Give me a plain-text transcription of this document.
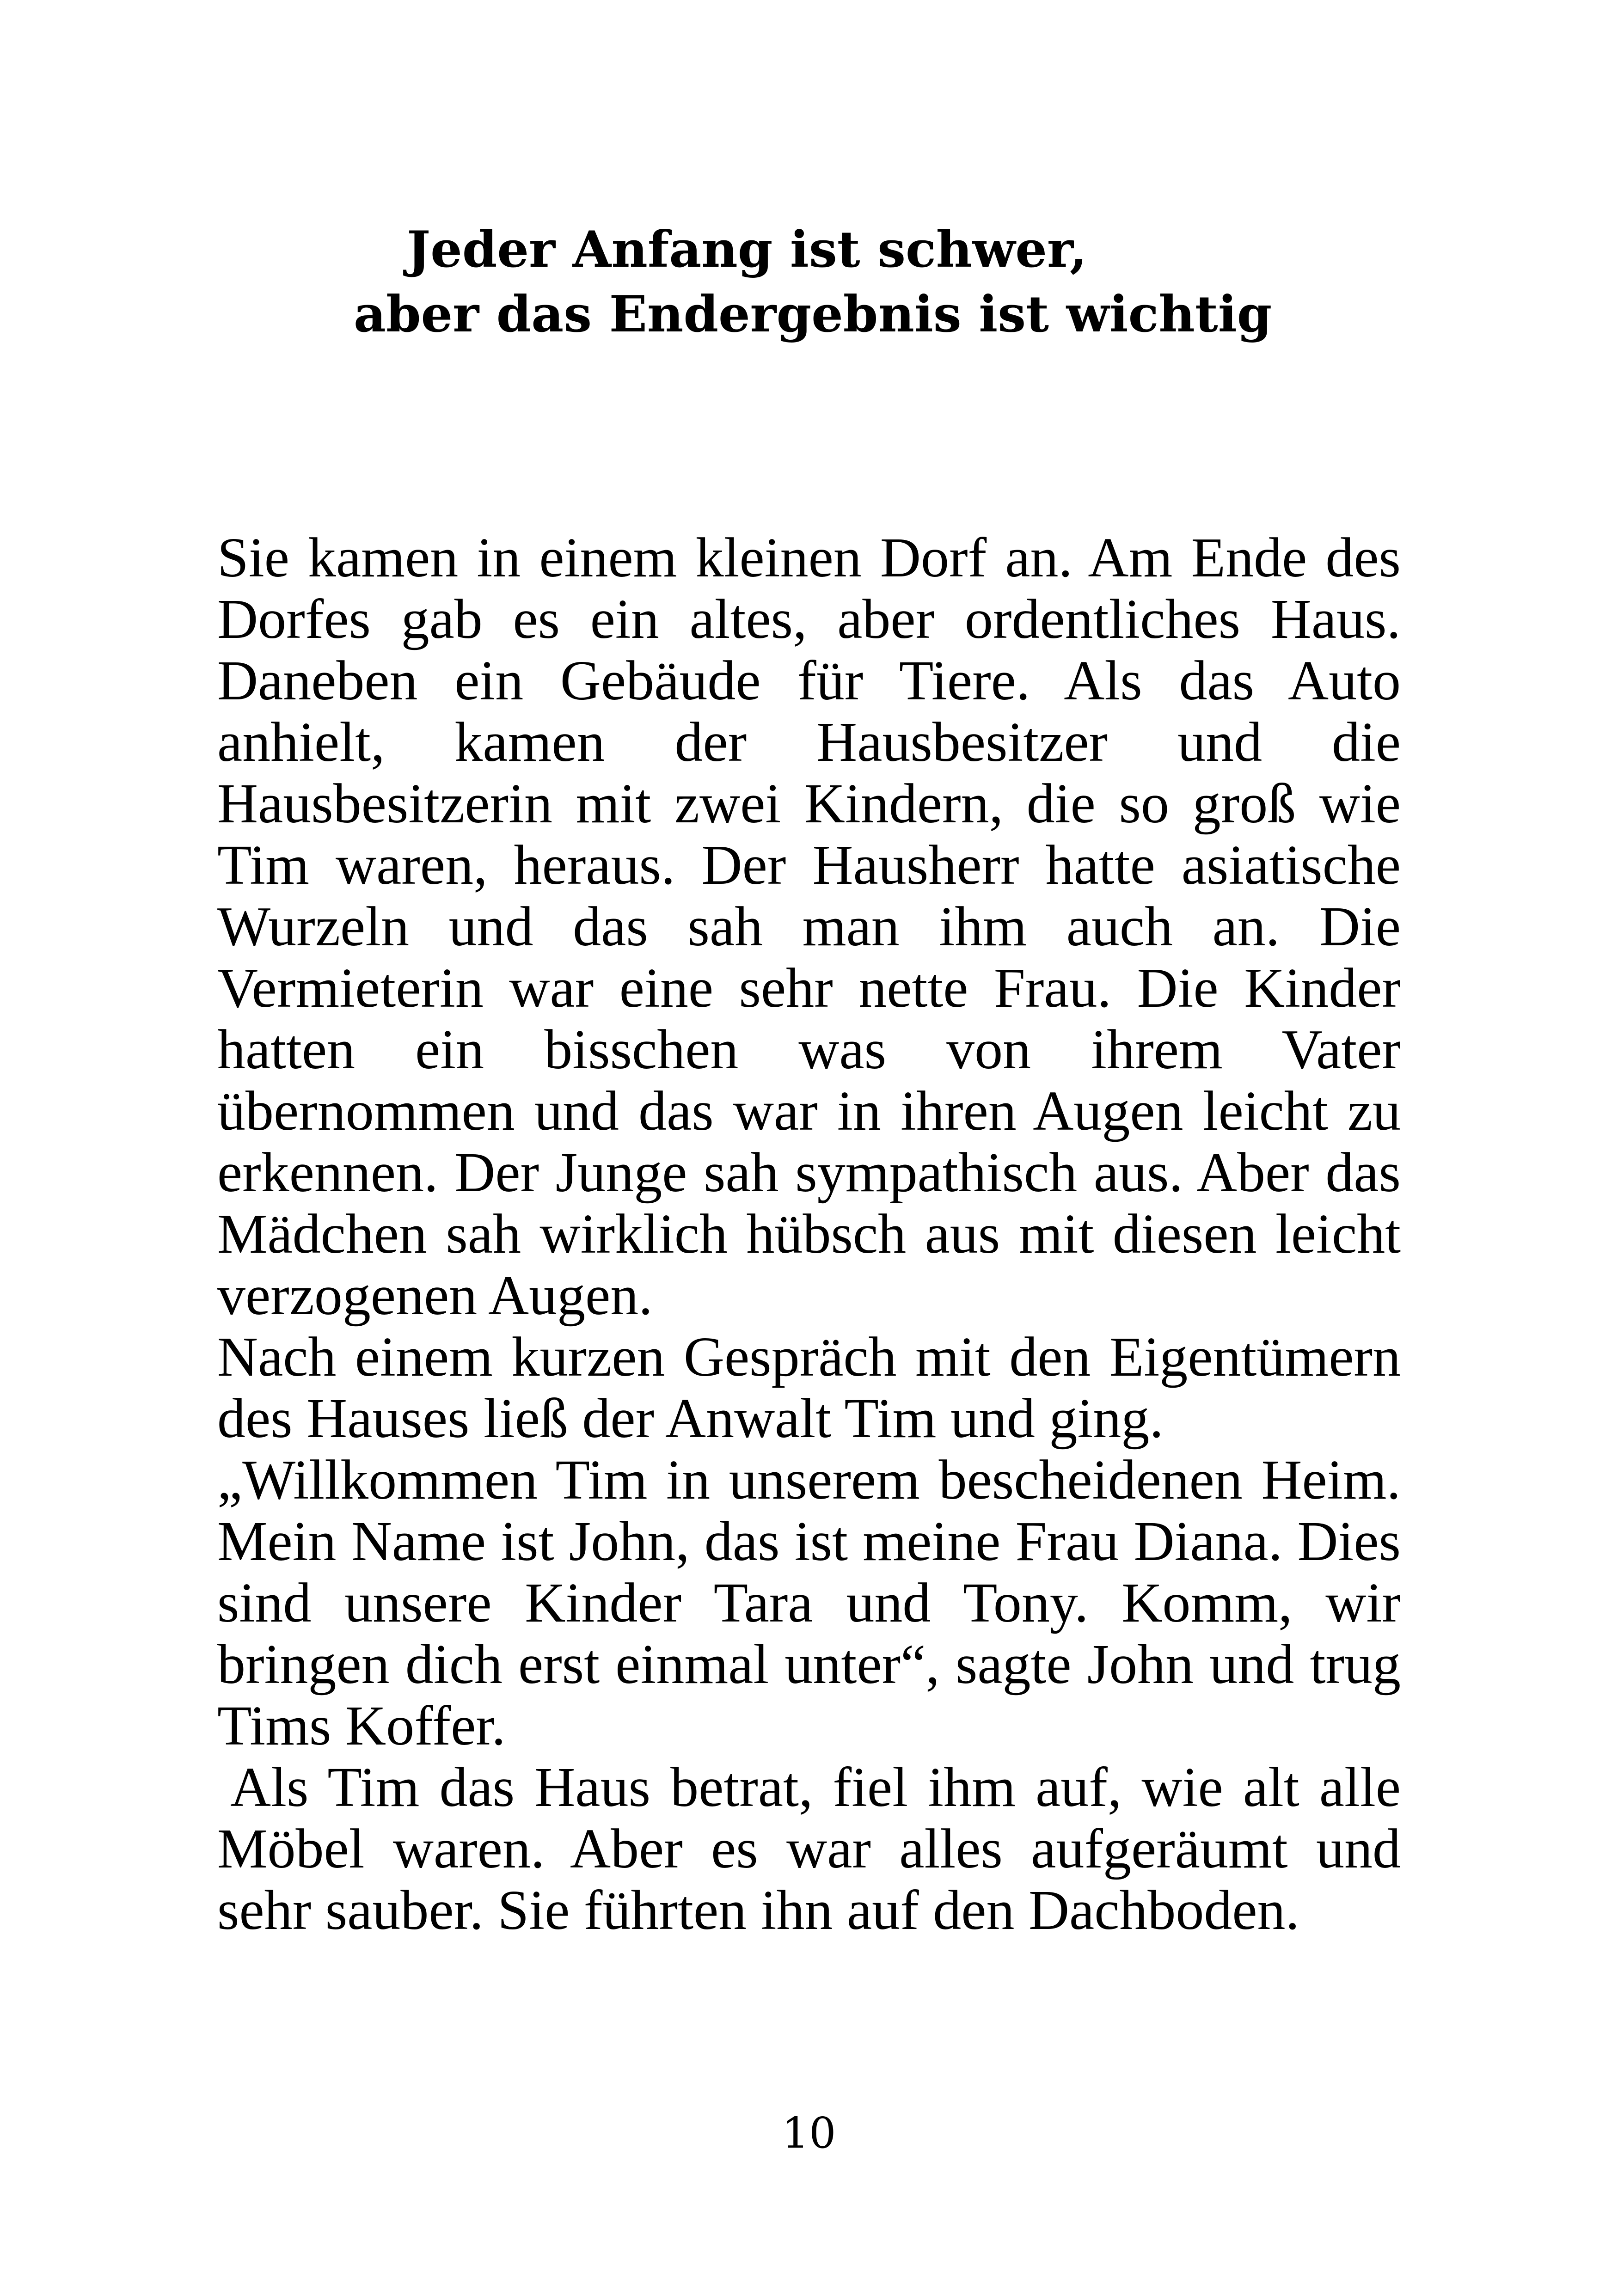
Jeder Anfang ist schwer,
aber das Endergebnis ist wichtig

Sie kamen in einem kleinen Dorf an. Am Ende des Dorfes gab es ein altes, aber ordentliches Haus. Daneben ein Gebäude für Tiere. Als das Auto anhielt, kamen der Hausbesitzer und die Hausbesitzerin mit zwei Kindern, die so groß wie Tim waren, heraus. Der Hausherr hatte asiatische Wurzeln und das sah man ihm auch an. Die Vermieterin war eine sehr nette Frau. Die Kinder hatten ein bisschen was von ihrem Vater übernommen und das war in ihren Augen leicht zu erkennen. Der Junge sah sympathisch aus. Aber das Mädchen sah wirklich hübsch aus mit diesen leicht verzogenen Augen.

Nach einem kurzen Gespräch mit den Eigentümern des Hauses ließ der Anwalt Tim und ging.

„Willkommen Tim in unserem bescheidenen Heim. Mein Name ist John, das ist meine Frau Diana. Dies sind unsere Kinder Tara und Tony. Komm, wir bringen dich erst einmal unter“, sagte John und trug Tims Koffer.

Als Tim das Haus betrat, fiel ihm auf, wie alt alle Möbel waren. Aber es war alles aufgeräumt und sehr sauber. Sie führten ihn auf den Dachboden.

10
